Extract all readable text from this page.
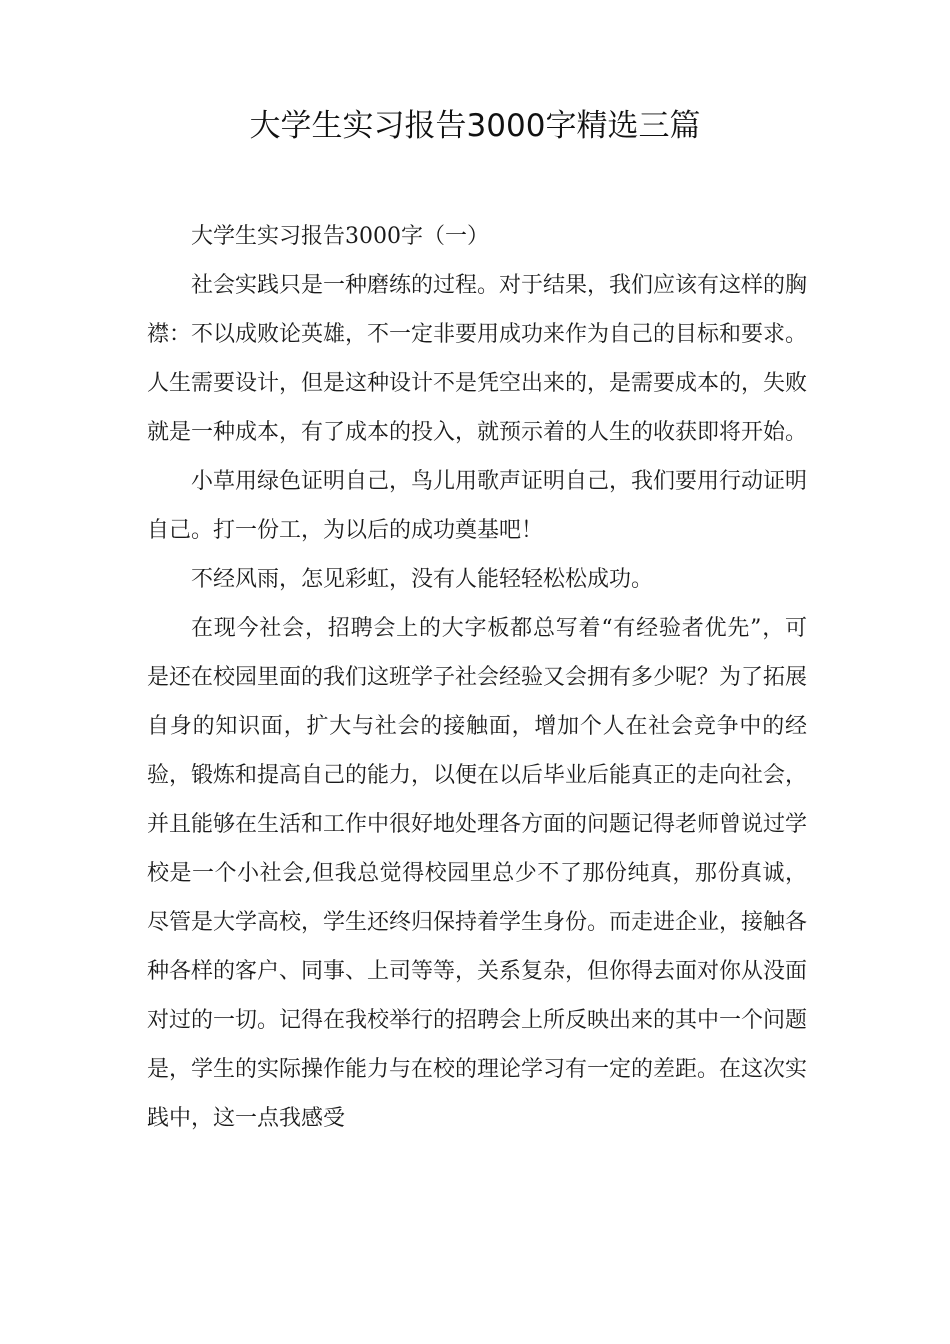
大学生实习报告3000字精选三篇

大学生实习报告3000字（一）

社会实践只是一种磨练的过程。对于结果，我们应该有这样的胸襟：不以成败论英雄，不一定非要用成功来作为自己的目标和要求。人生需要设计，但是这种设计不是凭空出来的，是需要成本的，失败就是一种成本，有了成本的投入，就预示着的人生的收获即将开始。

小草用绿色证明自己，鸟儿用歌声证明自己，我们要用行动证明自己。打一份工，为以后的成功奠基吧！

不经风雨，怎见彩虹，没有人能轻轻松松成功。

在现今社会，招聘会上的大字板都总写着“有经验者优先”，可是还在校园里面的我们这班学子社会经验又会拥有多少呢？为了拓展自身的知识面，扩大与社会的接触面，增加个人在社会竞争中的经验，锻炼和提高自己的能力，以便在以后毕业后能真正的走向社会，并且能够在生活和工作中很好地处理各方面的问题记得老师曾说过学校是一个小社会,但我总觉得校园里总少不了那份纯真，那份真诚，尽管是大学高校，学生还终归保持着学生身份。而走进企业，接触各种各样的客户、同事、上司等等，关系复杂，但你得去面对你从没面对过的一切。记得在我校举行的招聘会上所反映出来的其中一个问题是，学生的实际操作能力与在校的理论学习有一定的差距。在这次实践中，这一点我感受
